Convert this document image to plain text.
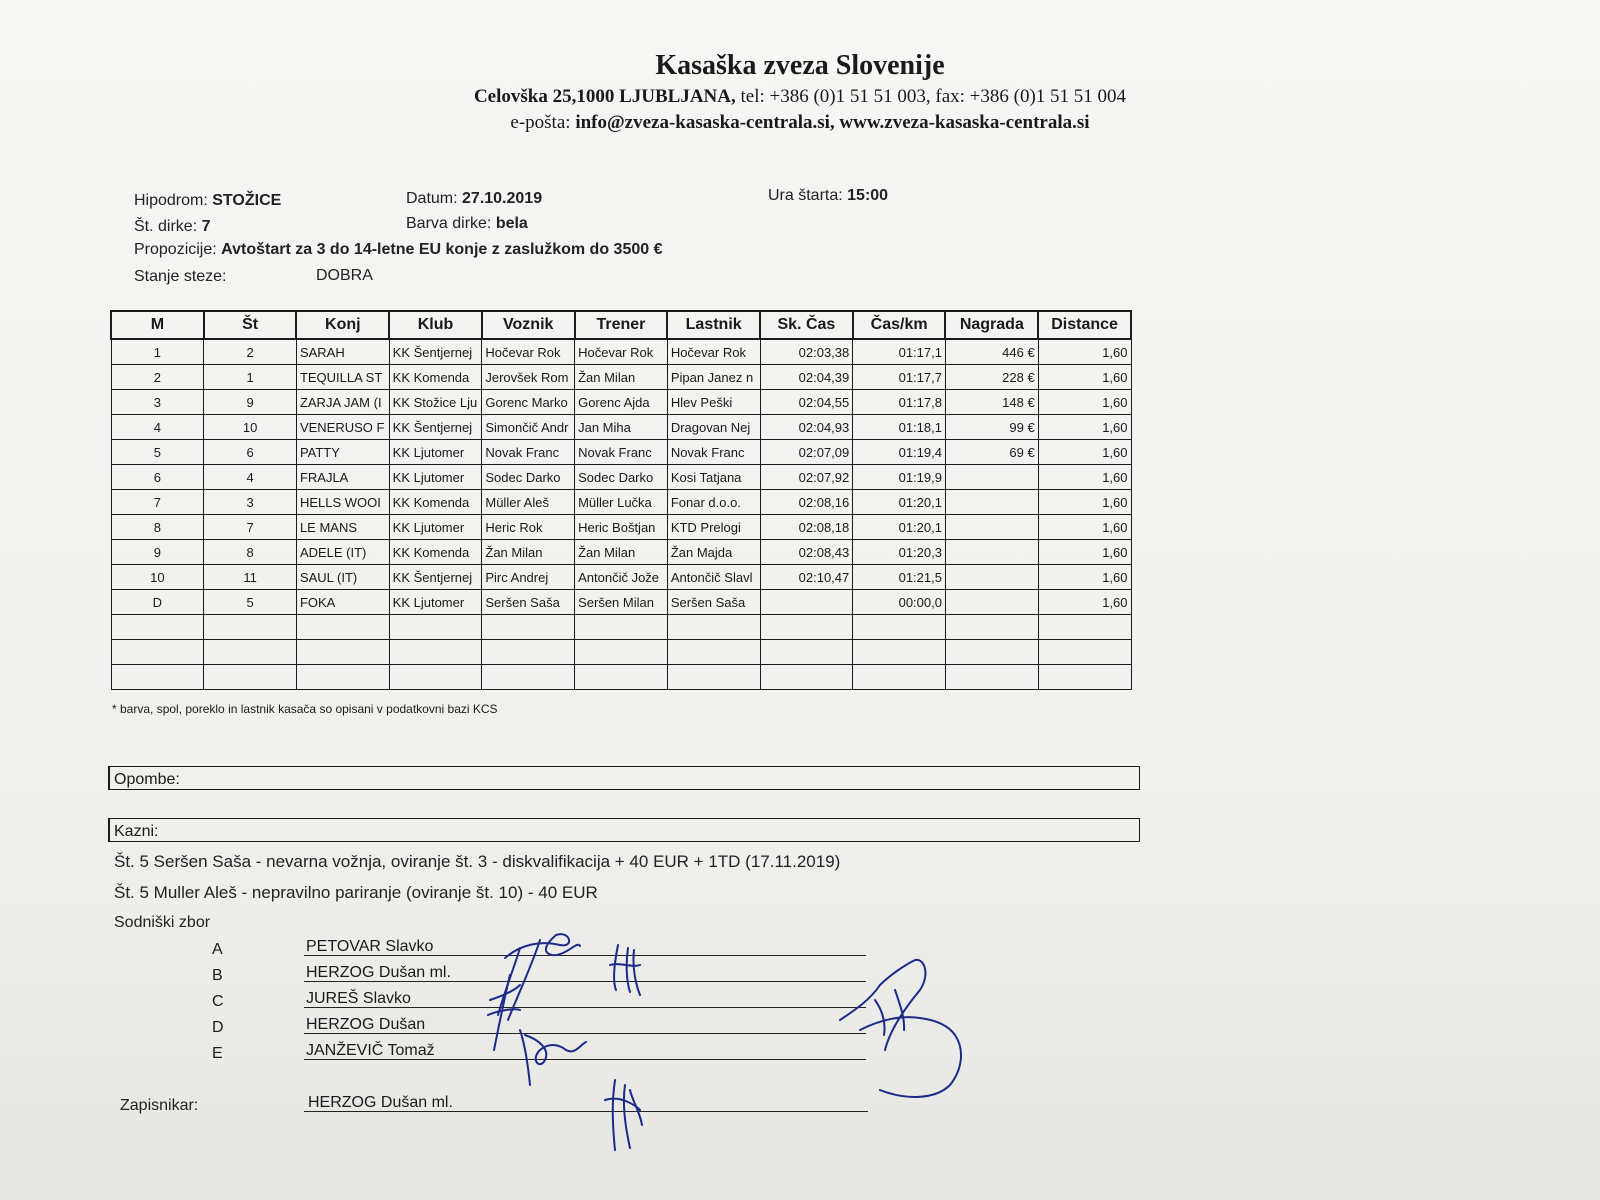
Kasaška zveza Slovenije
Celovška 25,1000 LJUBLJANA, tel: +386 (0)1 51 51 003, fax: +386 (0)1 51 51 004
e-pošta: info@zveza-kasaska-centrala.si, www.zveza-kasaska-centrala.si
Hipodrom: STOŽICE	Datum: 27.10.2019	Ura štarta: 15:00
Št. dirke: 7	Barva dirke: bela
Propozicije: Avtoštart za 3 do 14-letne EU konje z zaslužkom do 3500 €
Stanje steze:	DOBRA
M	Št	Konj	Klub	Voznik	Trener	Lastnik	Sk. Čas	Čas/km	Nagrada	Distance
1	2	SARAH	KK Šentjernej	Hočevar Rok	Hočevar Rok	Hočevar Rok	02:03,38	01:17,1	446 €	1,60
2	1	TEQUILLA ST	KK Komenda	Jerovšek Rom	Žan Milan	Pipan Janez n	02:04,39	01:17,7	228 €	1,60
3	9	ZARJA JAM (I	KK Stožice Lju	Gorenc Marko	Gorenc Ajda	Hlev Peški	02:04,55	01:17,8	148 €	1,60
4	10	VENERUSO F	KK Šentjernej	Simončič Andr	Jan Miha	Dragovan Nej	02:04,93	01:18,1	99 €	1,60
5	6	PATTY	KK Ljutomer	Novak Franc	Novak Franc	Novak Franc	02:07,09	01:19,4	69 €	1,60
6	4	FRAJLA	KK Ljutomer	Sodec Darko	Sodec Darko	Kosi Tatjana	02:07,92	01:19,9		1,60
7	3	HELLS WOOI	KK Komenda	Müller Aleš	Müller Lučka	Fonar d.o.o.	02:08,16	01:20,1		1,60
8	7	LE MANS	KK Ljutomer	Heric Rok	Heric Boštjan	KTD Prelogi	02:08,18	01:20,1		1,60
9	8	ADELE (IT)	KK Komenda	Žan Milan	Žan Milan	Žan Majda	02:08,43	01:20,3		1,60
10	11	SAUL (IT)	KK Šentjernej	Pirc Andrej	Antončič Jože	Antončič Slavl	02:10,47	01:21,5		1,60
D	5	FOKA	KK Ljutomer	Seršen Saša	Seršen Milan	Seršen Saša		00:00,0		1,60

* barva, spol, poreklo in lastnik kasača so opisani v podatkovni bazi KCS
Opombe:
Kazni:
Št. 5 Seršen Saša - nevarna vožnja, oviranje št. 3 - diskvalifikacija + 40 EUR + 1TD (17.11.2019)
Št. 5 Muller Aleš - nepravilno pariranje (oviranje št. 10) - 40 EUR
Sodniški zbor
A	PETOVAR Slavko
B	HERZOG Dušan ml.
C	JUREŠ Slavko
D	HERZOG Dušan
E	JANŽEVIČ Tomaž
Zapisnikar:	HERZOG Dušan ml.
